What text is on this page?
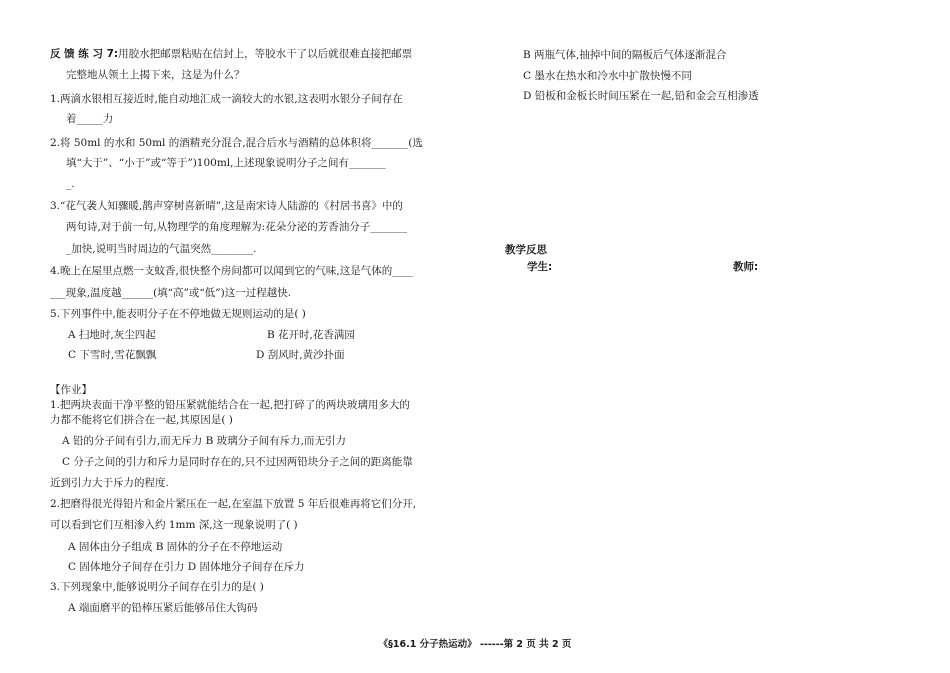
反 馈 练 习 7:用胶水把邮票粘贴在信封上，等胶水干了以后就很难直接把邮票
完整地从领土上揭下来，这是为什么？
1.两滴水银相互接近时,能自动地汇成一滴较大的水银,这表明水银分子间存在
着_____力
2.将 50ml 的水和 50ml 的酒精充分混合,混合后水与酒精的总体积将_______(选
填“大于”、“小于”或“等于”)100ml,上述现象说明分子之间有_______
_.
3.“花气袭人知骤暖,鹊声穿树喜新晴”,这是南宋诗人陆游的《村居书喜》中的
两句诗,对于前一句,从物理学的角度理解为:花朵分泌的芳香油分子_______
_加快,说明当时周边的气温突然________.
4.晚上在屋里点燃一支蚊香,很快整个房间都可以闻到它的气味,这是气体的____
___现象,温度越______(填“高”或“低”)这一过程越快.
5.下列事件中,能表明分子在不停地做无规则运动的是( )
A 扫地时,灰尘四起	B 花开时,花香满园
C 下雪时,雪花飘飘	D 刮风时,黄沙扑面
【作业】
1.把两块表面干净平整的铅压紧就能结合在一起,把打碎了的两块玻璃用多大的
力都不能将它们拼合在一起,其原因是( )
A 铅的分子间有引力,而无斥力 B 玻璃分子间有斥力,而无引力
C 分子之间的引力和斥力是同时存在的,只不过因两铅块分子之间的距离能靠
近到引力大于斥力的程度.
2.把磨得很光得铅片和金片紧压在一起,在室温下放置 5 年后很难再将它们分开,
可以看到它们互相渗入约 1mm 深,这一现象说明了( )
A 固体由分子组成 B 固体的分子在不停地运动
C 固体地分子间存在引力 D 固体地分子间存在斥力
3.下列现象中,能够说明分子间存在引力的是( )
A 端面磨平的铅棒压紧后能够吊住大钩码
B 两瓶气体,抽掉中间的隔板后气体逐渐混合
C 墨水在热水和冷水中扩散快慢不同
D 铅板和金板长时间压紧在一起,铅和金会互相渗透
教学反思
学生:	教师:
《§16.1 分子热运动》 ------第 2 页 共 2 页
